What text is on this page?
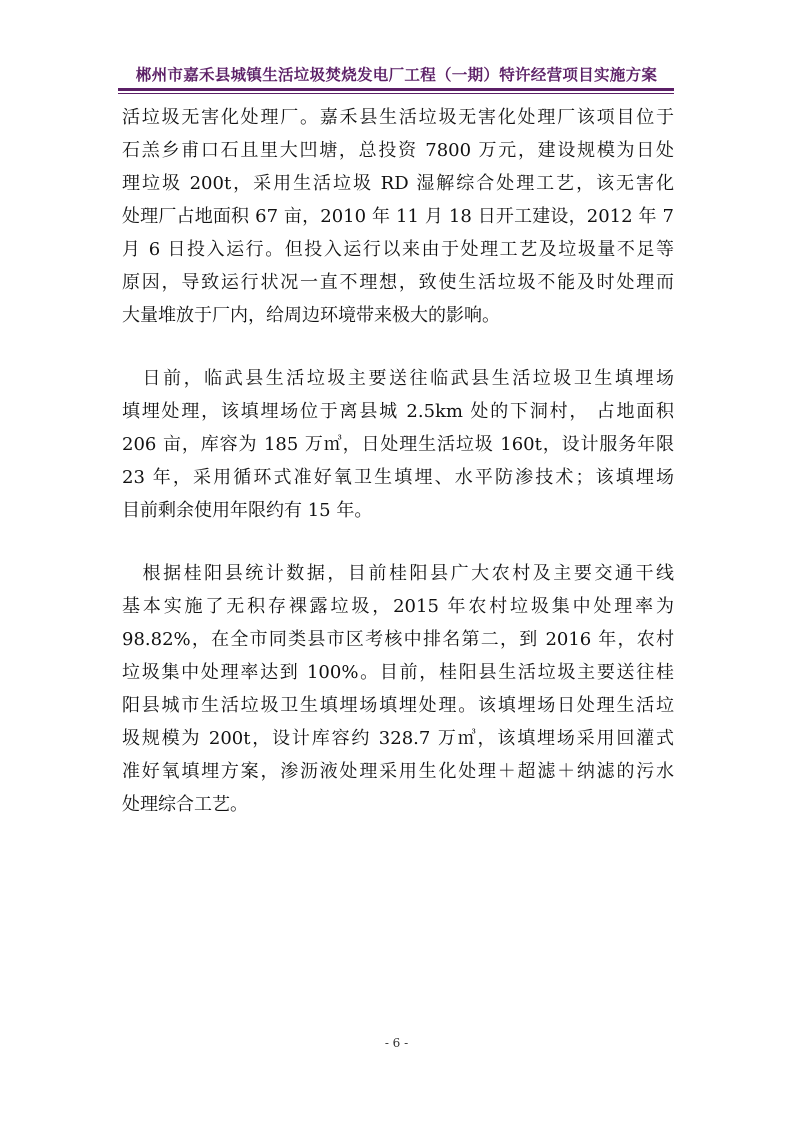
郴州市嘉禾县城镇生活垃圾焚烧发电厂工程（一期）特许经营项目实施方案
活垃圾无害化处理厂。嘉禾县生活垃圾无害化处理厂该项目位于
石羔乡甫口石且里大凹塘，总投资 7800 万元，建设规模为日处
理垃圾 200t，采用生活垃圾 RD 湿解综合处理工艺，该无害化
处理厂占地面积 67 亩，2010 年 11 月 18 日开工建设，2012 年 7
月 6 日投入运行。但投入运行以来由于处理工艺及垃圾量不足等
原因，导致运行状况一直不理想，致使生活垃圾不能及时处理而
大量堆放于厂内，给周边环境带来极大的影响。
　日前，临武县生活垃圾主要送往临武县生活垃圾卫生填埋场
填埋处理，该填埋场位于离县城 2.5km 处的下洞村， 占地面积
206 亩，库容为 185 万㎥，日处理生活垃圾 160t，设计服务年限
23 年，采用循环式准好氧卫生填埋、水平防渗技术；该填埋场
目前剩余使用年限约有 15 年。
　根据桂阳县统计数据，目前桂阳县广大农村及主要交通干线
基本实施了无积存裸露垃圾，2015 年农村垃圾集中处理率为
98.82%，在全市同类县市区考核中排名第二，到 2016 年，农村
垃圾集中处理率达到 100%。目前，桂阳县生活垃圾主要送往桂
阳县城市生活垃圾卫生填埋场填埋处理。该填埋场日处理生活垃
圾规模为 200t，设计库容约 328.7 万㎥，该填埋场采用回灌式
准好氧填埋方案，渗沥液处理采用生化处理＋超滤＋纳滤的污水
处理综合工艺。
- 6 -
